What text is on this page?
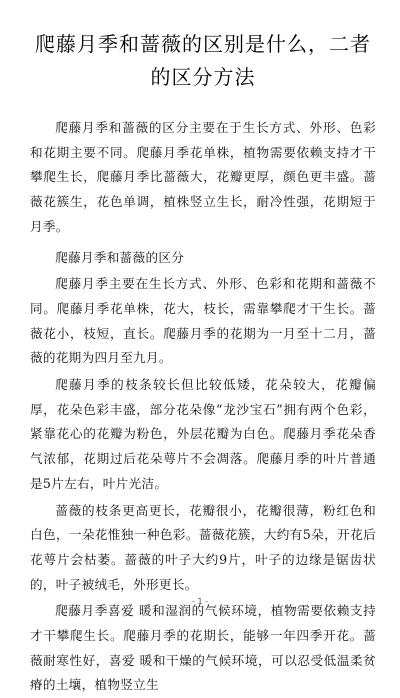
爬藤月季和蔷薇的区别是什么，二者的区分方法

爬藤月季和蔷薇的区分主要在于生长方式、外形、色彩和花期主要不同。爬藤月季花单株，植物需要依赖支持才干攀爬生长，爬藤月季比蔷薇大，花瓣更厚，颜色更丰盛。蔷薇花簇生，花色单调，植株竖立生长，耐冷性强，花期短于月季。

爬藤月季和蔷薇的区分

爬藤月季主要在生长方式、外形、色彩和花期和蔷薇不同。爬藤月季花单株，花大，枝长，需靠攀爬才干生长。蔷薇花小，枝短，直长。爬藤月季的花期为一月至十二月，蔷薇的花期为四月至九月。

爬藤月季的枝条较长但比较低矮，花朵较大，花瓣偏厚，花朵色彩丰盛，部分花朵像“龙沙宝石”拥有两个色彩，紧靠花心的花瓣为粉色，外层花瓣为白色。爬藤月季花朵香气浓郁，花期过后花朵萼片不会凋落。爬藤月季的叶片普通是5片左右，叶片光洁。

蔷薇的枝条更高更长，花瓣很小，花瓣很薄，粉红色和白色，一朵花惟独一种色彩。蔷薇花簇，大约有5朵，开花后花萼片会枯萎。蔷薇的叶子大约9片，叶子的边缘是锯齿状的，叶子被绒毛，外形更长。

爬藤月季喜爱 暖和湿润的气候环境，植物需要依赖支持才干攀爬生长。爬藤月季的花期长，能够一年四季开花。蔷薇耐寒性好，喜爱 暖和干燥的气候环境，可以忍受低温柔贫瘠的土壤，植物竖立生

- 1 -
